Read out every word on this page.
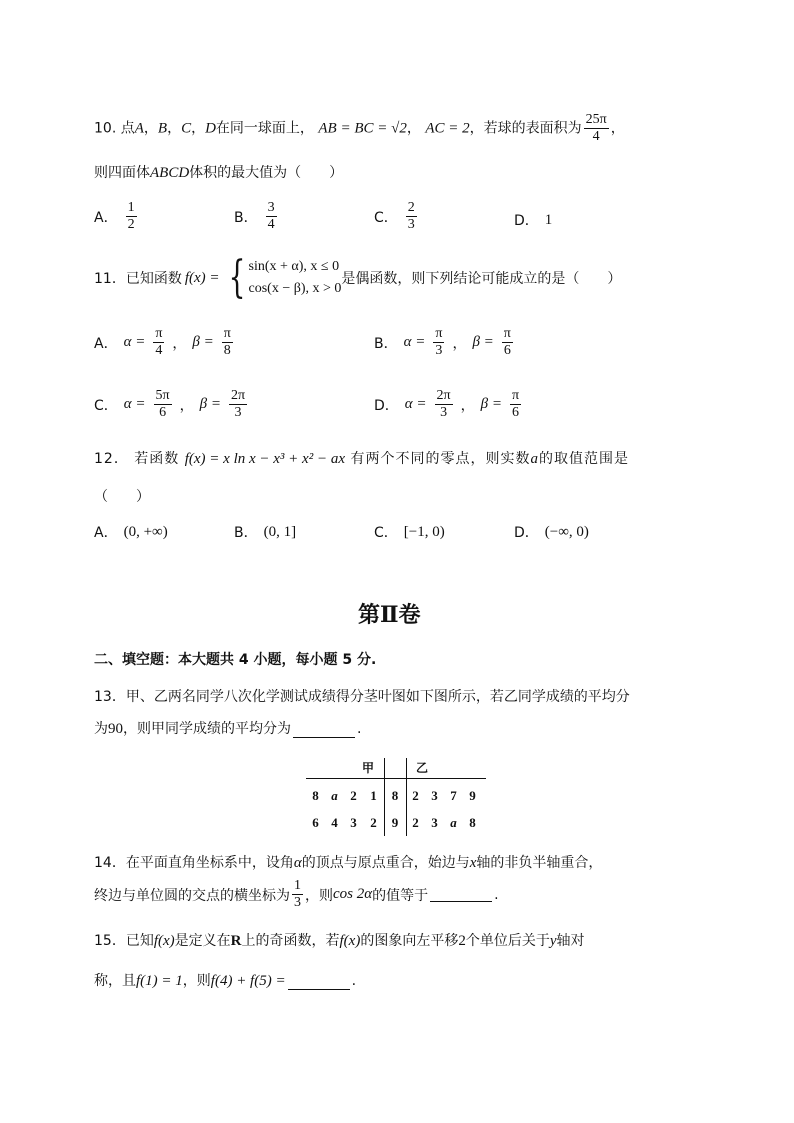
10. 点A，B，C，D在同一球面上， AB = BC = √2， AC = 2，若球的表面积为 $\frac{25\pi}{4}$ ，
则四面体ABCD体积的最大值为（　　）
A． $\frac{1}{2}$	B． $\frac{3}{4}$	C． $\frac{2}{3}$	D． 1
11． 已知函数 f(x) = { sin(x + α), x ≤ 0
cos(x − β), x > 0
是偶函数，则下列结论可能成立的是（　　）
A． $\alpha = \frac{\pi}{4}$ ， $\beta = \frac{\pi}{8}$	B． $\alpha = \frac{\pi}{3}$ ， $\beta = \frac{\pi}{6}$
C． $\alpha = \frac{5\pi}{6}$ ， $\beta = \frac{2\pi}{3}$	D． $\alpha = \frac{2\pi}{3}$ ， $\beta = \frac{\pi}{6}$
12． 若函数 f(x) = x ln x − x³ + x² − ax 有两个不同的零点，则实数a的取值范围是
（　　）
A． (0, +∞)	B． (0, 1]	C． [−1, 0)	D． (−∞, 0)
第Ⅱ卷
二、填空题：本大题共 4 小题，每小题 5 分.
13．甲、乙两名同学八次化学测试成绩得分茎叶图如下图所示，若乙同学成绩的平均分
为90，则甲同学成绩的平均分为	.
甲	乙
8	a	2	1	8	2	3	7	9
6	4	3	2	9	2	3	a	8
14．在平面直角坐标系中，设角α的顶点与原点重合，始边与x轴的非负半轴重合，
终边与单位圆的交点的横坐标为 $\frac{1}{3}$ ，则 cos 2α 的值等于	.
15．已知f(x)是定义在R上的奇函数，若f(x)的图象向左平移2个单位后关于y轴对
称，且f(1) = 1，则f(4) + f(5) =	.
